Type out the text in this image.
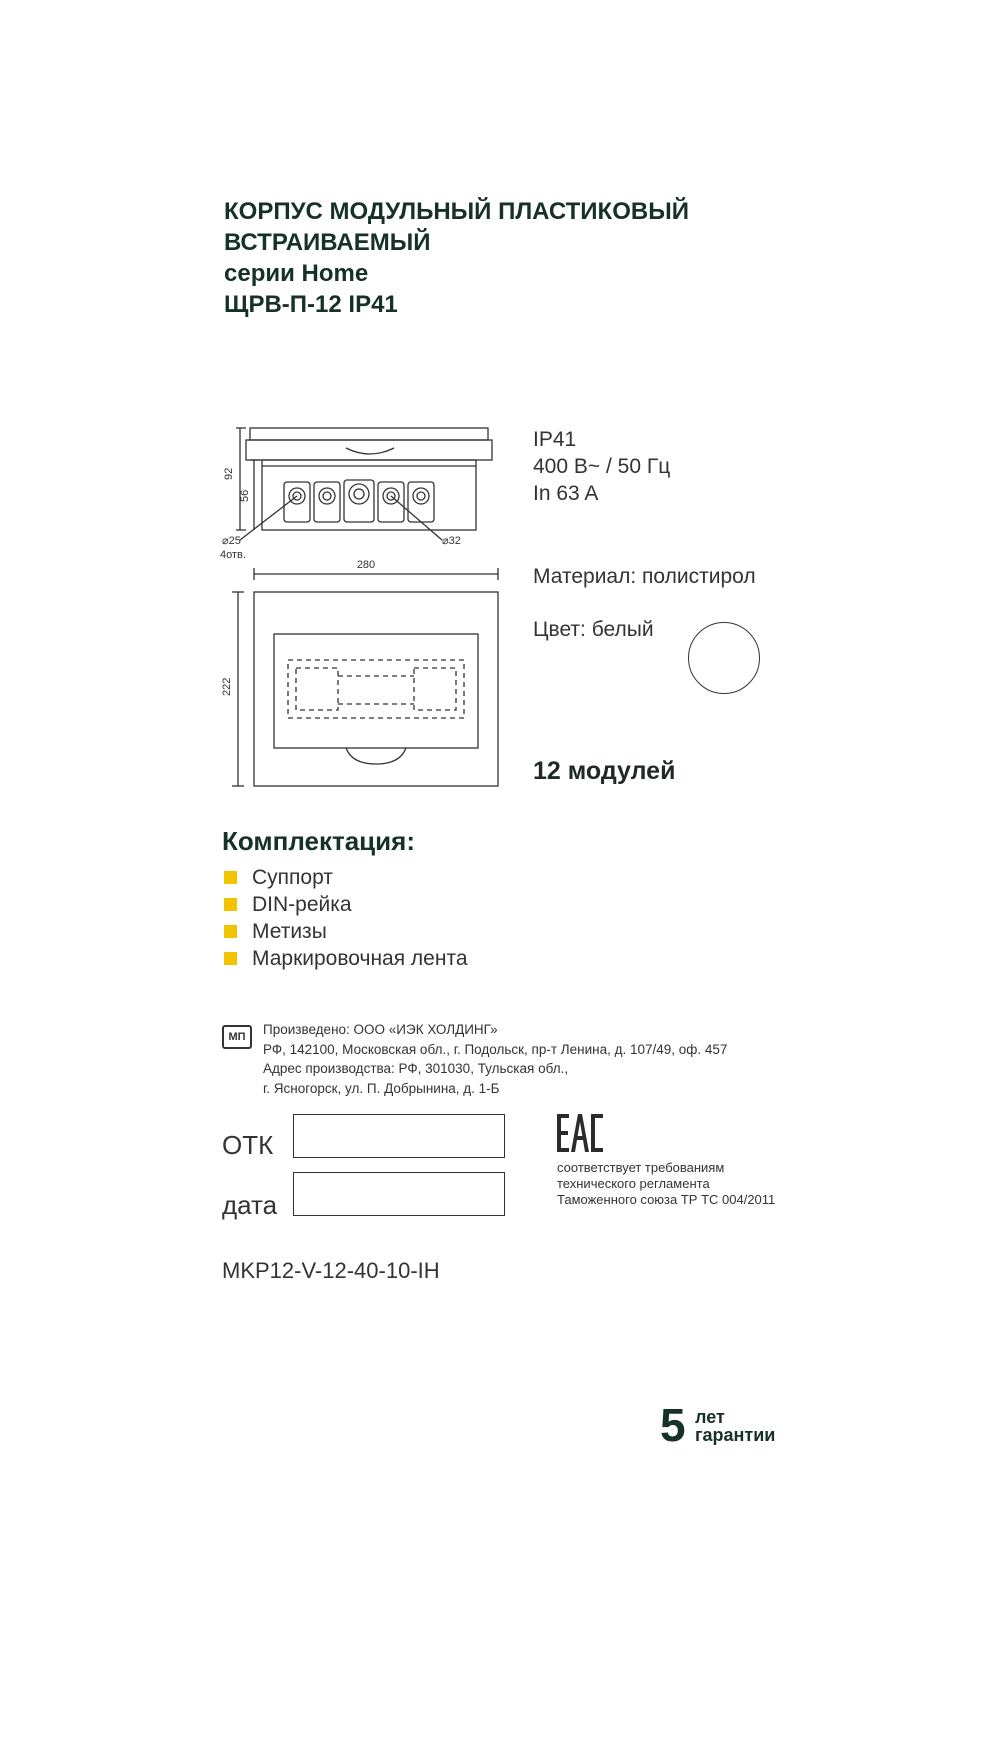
КОРПУС МОДУЛЬНЫЙ ПЛАСТИКОВЫЙ
ВСТРАИВАЕМЫЙ
серии Home
ЩРВ-П-12 IP41
92
56
⌀25
4отв.
⌀32
280
222
IP41
400 В~ / 50 Гц
In 63 A
Материал: полистирол
Цвет: белый
12 модулей
Комплектация:
Суппорт
DIN-рейка
Метизы
Маркировочная лента
МП	Произведено: ООО «ИЭК ХОЛДИНГ»
РФ, 142100, Московская обл., г. Подольск, пр-т Ленина, д. 107/49, оф. 457
Адрес производства: РФ, 301030, Тульская обл.,
г. Ясногорск, ул. П. Добрынина, д. 1-Б
ОТК
дата
соответствует требованиям
технического регламента
Таможенного союза ТР ТС 004/2011
MKP12-V-12-40-10-IH
5 лет
гарантии
